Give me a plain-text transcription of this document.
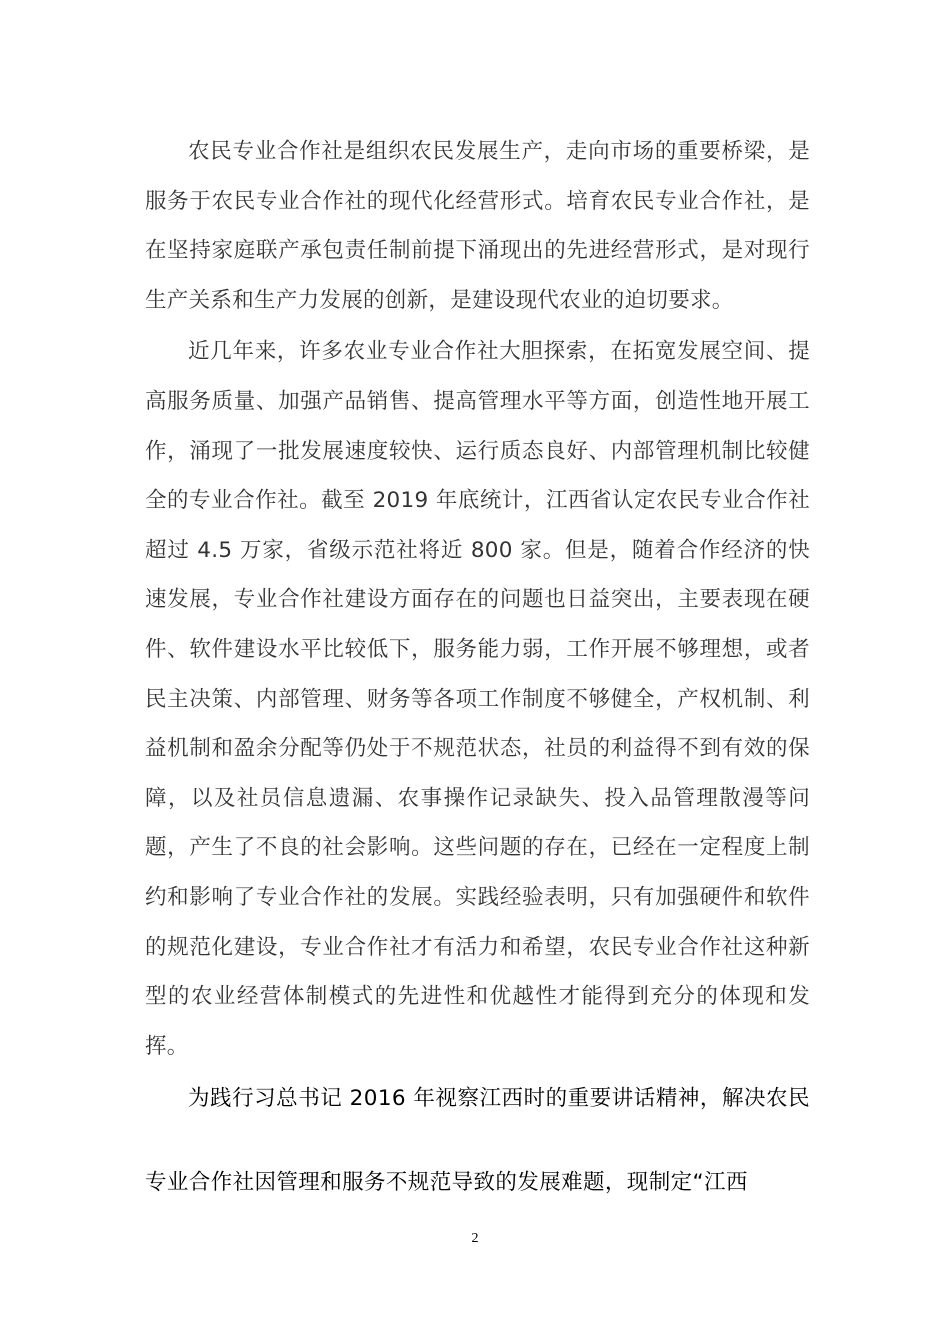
农民专业合作社是组织农民发展生产，走向市场的重要桥梁，是服务于农民专业合作社的现代化经营形式。培育农民专业合作社，是在坚持家庭联产承包责任制前提下涌现出的先进经营形式，是对现行生产关系和生产力发展的创新，是建设现代农业的迫切要求。

近几年来，许多农业专业合作社大胆探索，在拓宽发展空间、提高服务质量、加强产品销售、提高管理水平等方面，创造性地开展工作，涌现了一批发展速度较快、运行质态良好、内部管理机制比较健全的专业合作社。截至 2019 年底统计，江西省认定农民专业合作社超过 4.5 万家，省级示范社将近 800 家。但是，随着合作经济的快速发展，专业合作社建设方面存在的问题也日益突出，主要表现在硬件、软件建设水平比较低下，服务能力弱，工作开展不够理想，或者民主决策、内部管理、财务等各项工作制度不够健全，产权机制、利益机制和盈余分配等仍处于不规范状态，社员的利益得不到有效的保障，以及社员信息遗漏、农事操作记录缺失、投入品管理散漫等问题，产生了不良的社会影响。这些问题的存在，已经在一定程度上制约和影响了专业合作社的发展。实践经验表明，只有加强硬件和软件的规范化建设，专业合作社才有活力和希望，农民专业合作社这种新型的农业经营体制模式的先进性和优越性才能得到充分的体现和发挥。

为践行习总书记 2016 年视察江西时的重要讲话精神，解决农民专业合作社因管理和服务不规范导致的发展难题，现制定“江西

2
